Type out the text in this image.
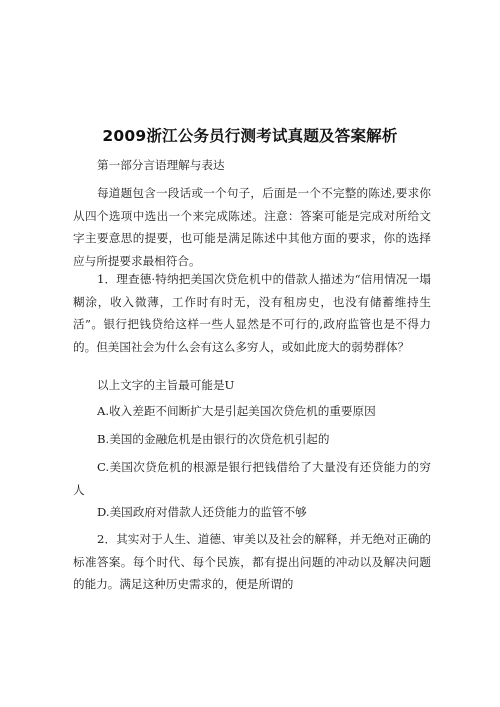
2009浙江公务员行测考试真题及答案解析

第一部分言语理解与表达

每道题包含一段话或一个句子，后面是一个不完整的陈述,要求你从四个选项中选出一个来完成陈述。注意：答案可能是完成对所给文字主要意思的提要，也可能是满足陈述中其他方面的要求，你的选择应与所提要求最相符合。

1．理查德·特纳把美国次贷危机中的借款人描述为“信用情况一塌糊涂，收入微薄，工作时有时无，没有租房史，也没有储蓄维持生活”。银行把钱贷给这样一些人显然是不可行的,政府监管也是不得力的。但美国社会为什么会有这么多穷人，或如此庞大的弱势群体？

以上文字的主旨最可能是U

A.收入差距不间断扩大是引起美国次贷危机的重要原因

B.美国的金融危机是由银行的次贷危机引起的

C.美国次贷危机的根源是银行把钱借给了大量没有还贷能力的穷人

D.美国政府对借款人还贷能力的监管不够

2．其实对于人生、道德、审美以及社会的解释，并无绝对正确的标准答案。每个时代、每个民族，都有提出问题的冲动以及解决问题的能力。满足这种历史需求的，便是所谓的
